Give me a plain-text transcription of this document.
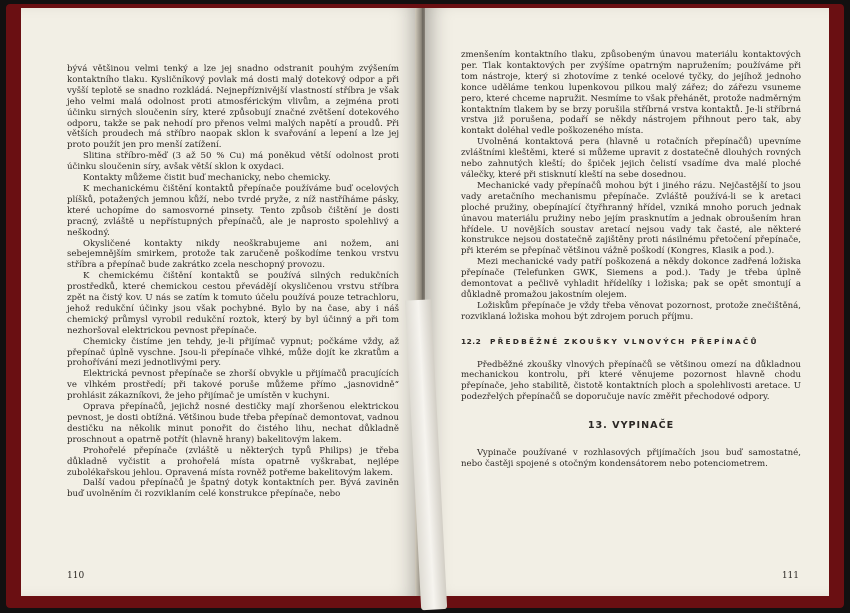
bývá většinou velmi tenký a lze jej snadno odstranit pouhým zvýšením kontaktního tlaku. Kysličníkový povlak má dosti malý dotekový odpor a při vyšší teplotě se snadno rozkládá. Nejnepříznivější vlastností stříbra je však jeho velmi malá odolnost proti atmosférickým vlivům, a zejména proti účinku sirných sloučenin síry, které způsobují značné zvětšení dotekového odporu, takže se pak nehodí pro přenos velmi malých napětí a proudů. Při větších proudech má stříbro naopak sklon k svařování a lepení a lze jej proto použít jen pro menší zatížení.

Slitina stříbro-měď (3 až 50 % Cu) má poněkud větší odolnost proti účinku sloučenin síry, avšak větší sklon k oxydaci.

Kontakty můžeme čistit buď mechanicky, nebo chemicky.

K mechanickému čištění kontaktů přepínače používáme buď ocelových plíšků, potažených jemnou kůží, nebo tvrdé pryže, z níž nastříháme pásky, které uchopíme do samosvorné pinsety. Tento způsob čištění je dosti pracný, zvláště u nepřístupných přepínačů, ale je naprosto spolehlivý a neškodný.

Okysličené kontakty nikdy neoškrabujeme ani nožem, ani sebejemnějším smirkem, protože tak zaručeně poškodíme tenkou vrstvu stříbra a přepínač bude zakrátko zcela neschopný provozu.

K chemickému čištění kontaktů se používá silných redukčních prostředků, které chemickou cestou převádějí okysličenou vrstvu stříbra zpět na čistý kov. U nás se zatím k tomuto účelu používá pouze tetrachloru, jehož redukční účinky jsou však pochybné. Bylo by na čase, aby i náš chemický průmysl vyrobil redukční roztok, který by byl účinný a při tom nezhoršoval elektrickou pevnost přepínače.

Chemicky čistíme jen tehdy, je-li přijímač vypnut; počkáme vždy, až přepínač úplně vyschne. Jsou-li přepínače vlhké, může dojít ke zkratům a prohořívání mezi jednotlivými pery.

Elektrická pevnost přepínače se zhorší obvykle u přijímačů pracujících ve vlhkém prostředí; při takové poruše můžeme přímo „jasnovidně“ prohlásit zákazníkovi, že jeho přijímač je umístěn v kuchyni.

Oprava přepínačů, jejichž nosné destičky mají zhoršenou elektrickou pevnost, je dosti obtížná. Většinou bude třeba přepínač demontovat, vadnou destičku na několik minut ponořit do čistého lihu, nechat důkladně proschnout a opatrně potřít (hlavně hrany) bakelitovým lakem.

Prohořelé přepínače (zvláště u některých typů Philips) je třeba důkladně vyčistit a prohořelá místa opatrně vyškrabat, nejlépe zubolékařskou jehlou. Opravená místa rovněž potřeme bakelitovým lakem.

Další vadou přepínačů je špatný dotyk kontaktních per. Bývá zaviněn buď uvolněním či rozviklaním celé konstrukce přepínače, nebo

110

zmenšením kontaktního tlaku, způsobeným únavou materiálu kontaktových per. Tlak kontaktových per zvýšíme opatrným napružením; používáme při tom nástroje, který si zhotovíme z tenké ocelové tyčky, do jejíhož jednoho konce uděláme tenkou lupenkovou pilkou malý zářez; do zářezu vsuneme pero, které chceme napružit. Nesmíme to však přehánět, protože nadměrným kontaktním tlakem by se brzy porušila stříbrná vrstva kontaktů. Je-li stříbrná vrstva již porušena, podaří se někdy nástrojem přihnout pero tak, aby kontakt doléhal vedle poškozeného místa.

Uvolněná kontaktová pera (hlavně u rotačních přepínačů) upevníme zvláštními kleštěmi, které si můžeme upravit z dostatečně dlouhých rovných nebo zahnutých kleští; do špiček jejich čelistí vsadíme dva malé ploché válečky, které při stisknutí kleští na sebe dosednou.

Mechanické vady přepínačů mohou být i jiného rázu. Nejčastější to jsou vady aretačního mechanismu přepínače. Zvláště používá-li se k aretaci ploché pružiny, obepínající čtyřhranný hřídel, vzniká mnoho poruch jednak únavou materiálu pružiny nebo jejím prasknutím a jednak obroušením hran hřídele. U novějších soustav aretací nejsou vady tak časté, ale některé konstrukce nejsou dostatečně zajištěny proti násilnému přetočení přepínače, při kterém se přepínač většinou vážně poškodí (Kongres, Klasik a pod.).

Mezi mechanické vady patří poškozená a někdy dokonce zadřená ložiska přepínače (Telefunken GWK, Siemens a pod.). Tady je třeba úplně demontovat a pečlivě vyhladit hřídelíky i ložiska; pak se opět smontují a důkladně promažou jakostním olejem.

Ložiskům přepínače je vždy třeba věnovat pozornost, protože znečištěná, rozviklaná ložiska mohou být zdrojem poruch příjmu.

12.2 PŘEDBĚŽNÉ ZKOUŠKY VLNOVÝCH PŘEPÍNAČŮ

Předběžné zkoušky vlnových přepínačů se většinou omezí na důkladnou mechanickou kontrolu, při které věnujeme pozornost hlavně chodu přepínače, jeho stabilitě, čistotě kontaktních ploch a spolehlivosti aretace. U podezřelých přepínačů se doporučuje navíc změřit přechodové odpory.

13. VYPINAČE

Vypinače používané v rozhlasových přijímačích jsou buď samostatné, nebo častěji spojené s otočným kondensátorem nebo potenciometrem.

111
